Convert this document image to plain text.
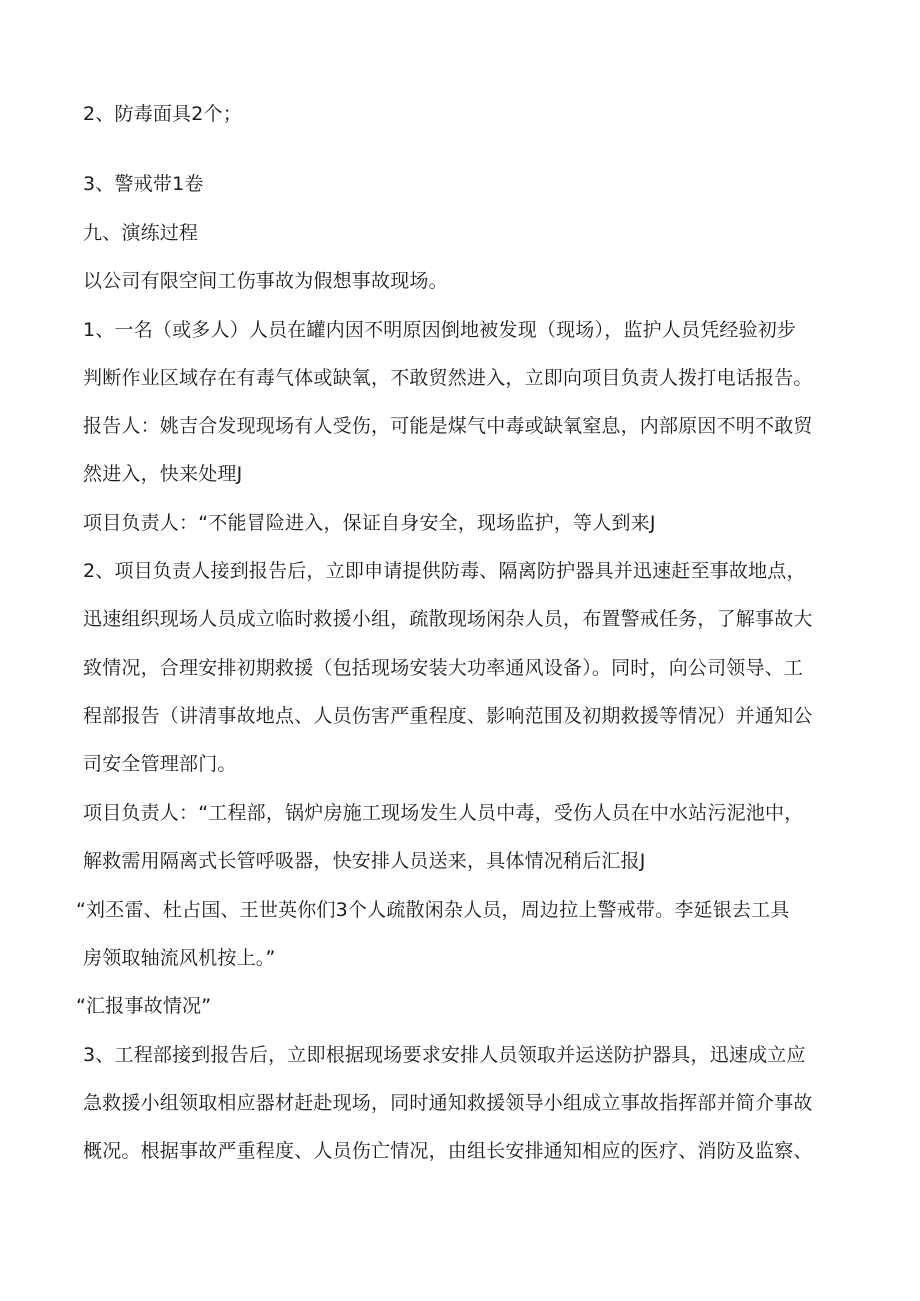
2、防毒面具2个；
3、警戒带1卷
九、演练过程
以公司有限空间工伤事故为假想事故现场。
1、一名（或多人）人员在罐内因不明原因倒地被发现（现场），监护人员凭经验初步
判断作业区域存在有毒气体或缺氧，不敢贸然进入，立即向项目负责人拨打电话报告。
报告人：姚吉合发现现场有人受伤，可能是煤气中毒或缺氧窒息，内部原因不明不敢贸
然进入，快来处理J
项目负责人：“不能冒险进入，保证自身安全，现场监护，等人到来J
2、项目负责人接到报告后，立即申请提供防毒、隔离防护器具并迅速赶至事故地点，
迅速组织现场人员成立临时救援小组，疏散现场闲杂人员，布置警戒任务，了解事故大
致情况，合理安排初期救援（包括现场安装大功率通风设备）。同时，向公司领导、工
程部报告（讲清事故地点、人员伤害严重程度、影响范围及初期救援等情况）并通知公
司安全管理部门。
项目负责人：“工程部，锅炉房施工现场发生人员中毒，受伤人员在中水站污泥池中，
解救需用隔离式长管呼吸器，快安排人员送来，具体情况稍后汇报J
“刘丕雷、杜占国、王世英你们3个人疏散闲杂人员，周边拉上警戒带。李延银去工具
房领取轴流风机按上。”
“汇报事故情况”
3、工程部接到报告后，立即根据现场要求安排人员领取并运送防护器具，迅速成立应
急救援小组领取相应器材赶赴现场，同时通知救援领导小组成立事故指挥部并简介事故
概况。根据事故严重程度、人员伤亡情况，由组长安排通知相应的医疗、消防及监察、
